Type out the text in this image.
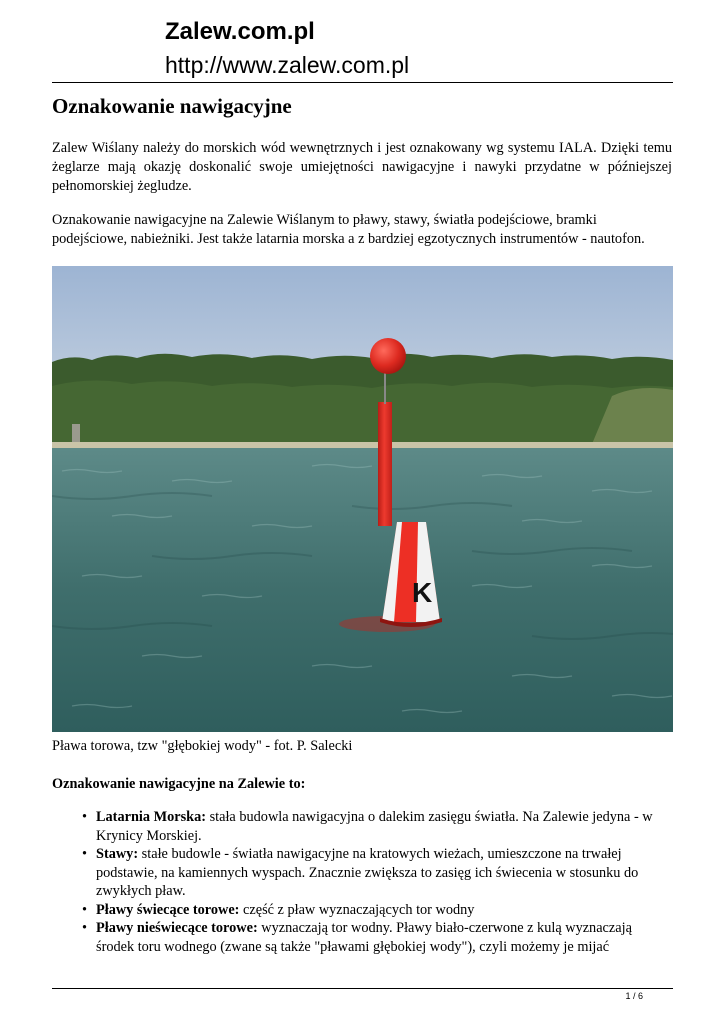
Zalew.com.pl
http://www.zalew.com.pl
Oznakowanie nawigacyjne

Zalew Wiślany należy do morskich wód wewnętrznych i jest oznakowany wg systemu IALA. Dzięki temu żeglarze mają okazję doskonalić swoje umiejętności nawigacyjne i nawyki przydatne w późniejszej pełnomorskiej żegludze.

Oznakowanie nawigacyjne na Zalewie Wiślanym to pławy, stawy, światła podejściowe, bramki podejściowe, nabieżniki. Jest także latarnia morska a z bardziej egzotycznych instrumentów - nautofon.

K
Pława torowa, tzw "głębokiej wody" - fot. P. Salecki
Oznakowanie nawigacyjne na Zalewie to:
• Latarnia Morska: stała budowla nawigacyjna o dalekim zasięgu światła. Na Zalewie jedyna - w Krynicy Morskiej.
• Stawy: stałe budowle - światła nawigacyjne na kratowych wieżach, umieszczone na trwałej podstawie, na kamiennych wyspach. Znacznie zwiększa to zasięg ich świecenia w stosunku do zwykłych pław.
• Pławy świecące torowe: część z pław wyznaczających tor wodny
• Pławy nieświecące torowe: wyznaczają tor wodny. Pławy biało-czerwone z kulą wyznaczają środek toru wodnego (zwane są także "pławami głębokiej wody"), czyli możemy je mijać
1 / 6
